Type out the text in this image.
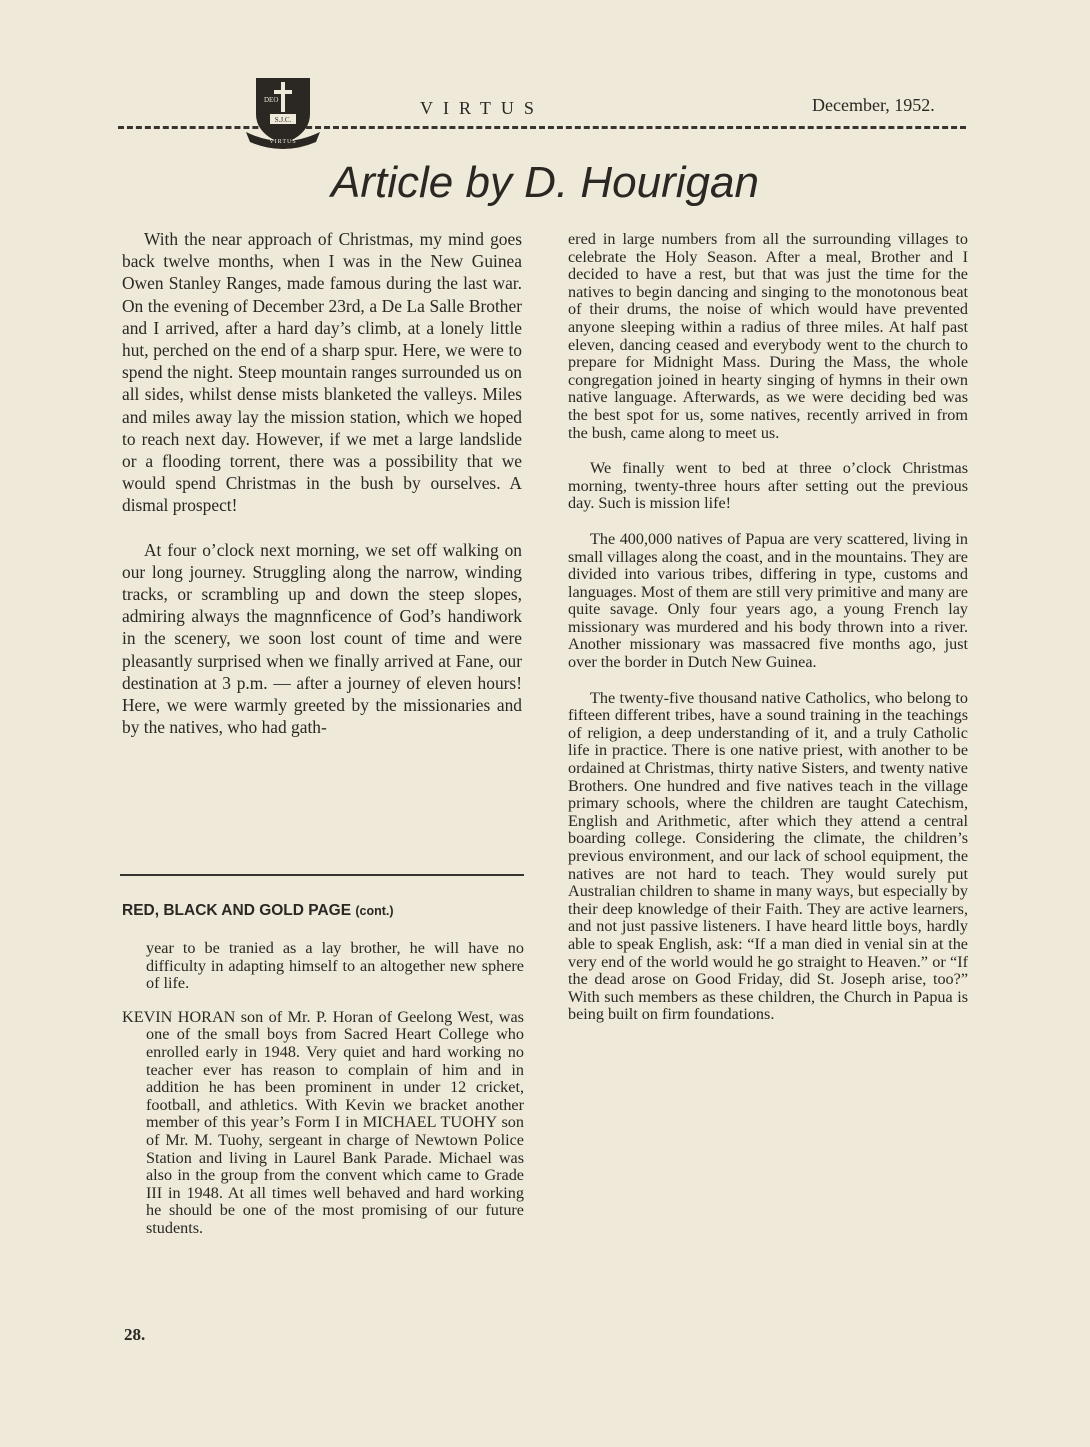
DEO
S.J.C.
VIRTUS
VIRTUS	December, 1952.
Article by D. Hourigan

With the near approach of Christmas, my mind goes back twelve months, when I was in the New Guinea Owen Stanley Ranges, made famous during the last war. On the evening of December 23rd, a De La Salle Brother and I arrived, after a hard day’s climb, at a lonely little hut, perched on the end of a sharp spur. Here, we were to spend the night. Steep mountain ranges surrounded us on all sides, whilst dense mists blanketed the valleys. Miles and miles away lay the mission station, which we hoped to reach next day. However, if we met a large landslide or a flooding torrent, there was a possibility that we would spend Christmas in the bush by ourselves. A dismal prospect!

At four o’clock next morning, we set off walking on our long journey. Struggling along the narrow, winding tracks, or scrambling up and down the steep slopes, admiring always the magnnficence of God’s handiwork in the scenery, we soon lost count of time and were pleasantly surprised when we finally arrived at Fane, our destination at 3 p.m. — after a journey of eleven hours! Here, we were warmly greeted by the missionaries and by the natives, who had gath-

RED, BLACK AND GOLD PAGE (cont.)

year to be tranied as a lay brother, he will have no difficulty in adapting himself to an altogether new sphere of life.

KEVIN HORAN son of Mr. P. Horan of Geelong West, was one of the small boys from Sacred Heart College who enrolled early in 1948. Very quiet and hard working no teacher ever has reason to complain of him and in addition he has been prominent in under 12 cricket, football, and athletics. With Kevin we bracket another member of this year’s Form I in MICHAEL TUOHY son of Mr. M. Tuohy, sergeant in charge of Newtown Police Station and living in Laurel Bank Parade. Michael was also in the group from the convent which came to Grade III in 1948. At all times well behaved and hard working he should be one of the most promising of our future students.

ered in large numbers from all the surrounding villages to celebrate the Holy Season. After a meal, Brother and I decided to have a rest, but that was just the time for the natives to begin dancing and singing to the monotonous beat of their drums, the noise of which would have prevented anyone sleeping within a radius of three miles. At half past eleven, dancing ceased and everybody went to the church to prepare for Midnight Mass. During the Mass, the whole congregation joined in hearty singing of hymns in their own native language. Afterwards, as we were deciding bed was the best spot for us, some natives, recently arrived in from the bush, came along to meet us.

We finally went to bed at three o’clock Christmas morning, twenty-three hours after setting out the previous day. Such is mission life!

The 400,000 natives of Papua are very scattered, living in small villages along the coast, and in the mountains. They are divided into various tribes, differing in type, customs and languages. Most of them are still very primitive and many are quite savage. Only four years ago, a young French lay missionary was murdered and his body thrown into a river. Another missionary was massacred five months ago, just over the border in Dutch New Guinea.

The twenty-five thousand native Catholics, who belong to fifteen different tribes, have a sound training in the teachings of religion, a deep understanding of it, and a truly Catholic life in practice. There is one native priest, with another to be ordained at Christmas, thirty native Sisters, and twenty native Brothers. One hundred and five natives teach in the village primary schools, where the children are taught Catechism, English and Arithmetic, after which they attend a central boarding college. Considering the climate, the children’s previous environment, and our lack of school equipment, the natives are not hard to teach. They would surely put Australian children to shame in many ways, but especially by their deep knowledge of their Faith. They are active learners, and not just passive listeners. I have heard little boys, hardly able to speak English, ask: “If a man died in venial sin at the very end of the world would he go straight to Heaven.” or “If the dead arose on Good Friday, did St. Joseph arise, too?” With such members as these children, the Church in Papua is being built on firm foundations.

28.
